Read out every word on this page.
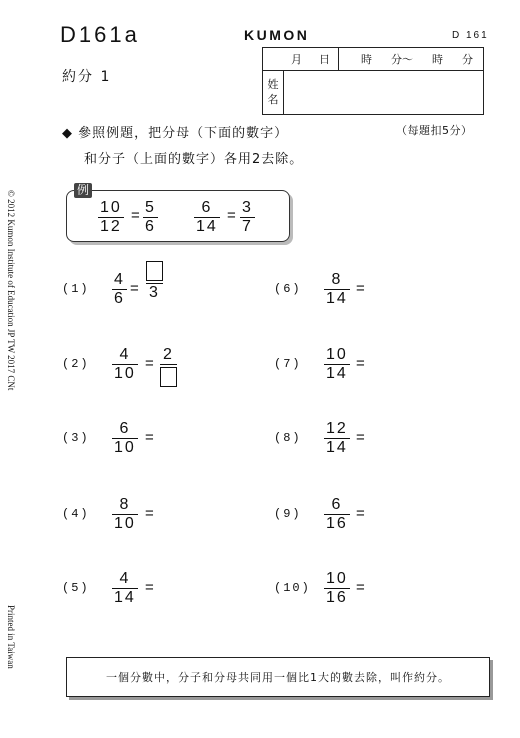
D161a	KUMON	D 161
約分 1
月 日	時 分～ 時 分
姓
名
◆ 參照例題，把分母（下面的數字）
和分子（上面的數字）各用2去除。
（每題扣5分）
例
10
12
= 5
6
6
14
= 3
7
(1)
4
6
= 3
(2)
4
10
=
2
(3)
6
10
=
(4)
8
10
=
(5)
4
14
=
(6)
8
14
=
(7)
10
14
=
(8)
12
14
=
(9)
6
16
=
(10)
10
16
=
© 2012 Kumon Institute of Education JP TW 2017 CNt
Printed in Taiwan
一個分數中，分子和分母共同用一個比1大的數去除，叫作約分。
